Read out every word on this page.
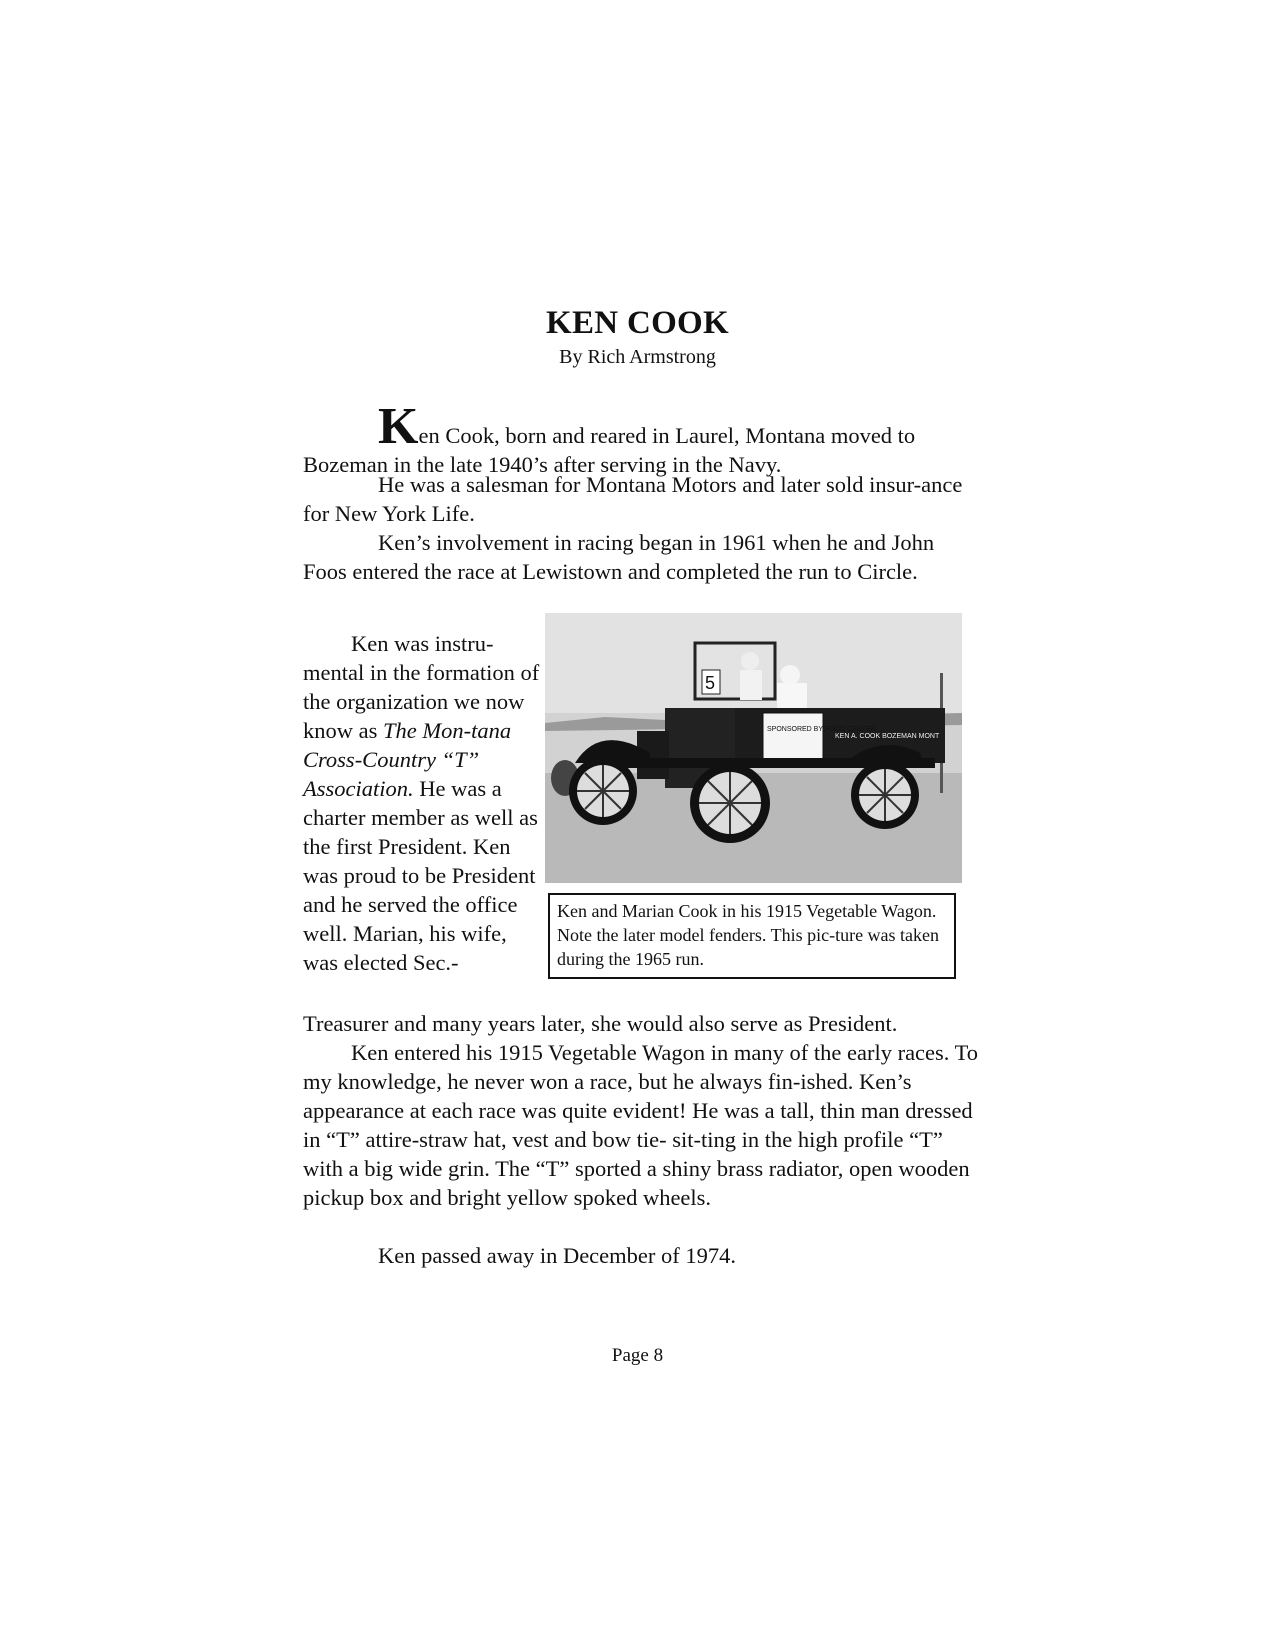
KEN COOK
By Rich Armstrong

Ken Cook, born and reared in Laurel, Montana moved to Bozeman in the late 1940’s after serving in the Navy.

He was a salesman for Montana Motors and later sold insur-ance for New York Life.

Ken’s involvement in racing began in 1961 when he and John Foos entered the race at Lewistown and completed the run to Circle.

Ken was instru-mental in the formation of the organization we now know as The Mon-tana Cross-Country “T” Association. He was a charter member as well as the first President. Ken was proud to be President and he served the office well. Marian, his wife, was elected Sec.-

5
SPONSORED BY FOOD CENTER
KEN A. COOK BOZEMAN MONT
Ken and Marian Cook in his 1915 Vegetable Wagon. Note the later model fenders. This pic-ture was taken during the 1965 run.

Treasurer and many years later, she would also serve as President.

Ken entered his 1915 Vegetable Wagon in many of the early races. To my knowledge, he never won a race, but he always fin-ished. Ken’s appearance at each race was quite evident! He was a tall, thin man dressed in “T” attire-straw hat, vest and bow tie- sit-ting in the high profile “T” with a big wide grin. The “T” sported a shiny brass radiator, open wooden pickup box and bright yellow spoked wheels.

Ken passed away in December of 1974.

Page 8
